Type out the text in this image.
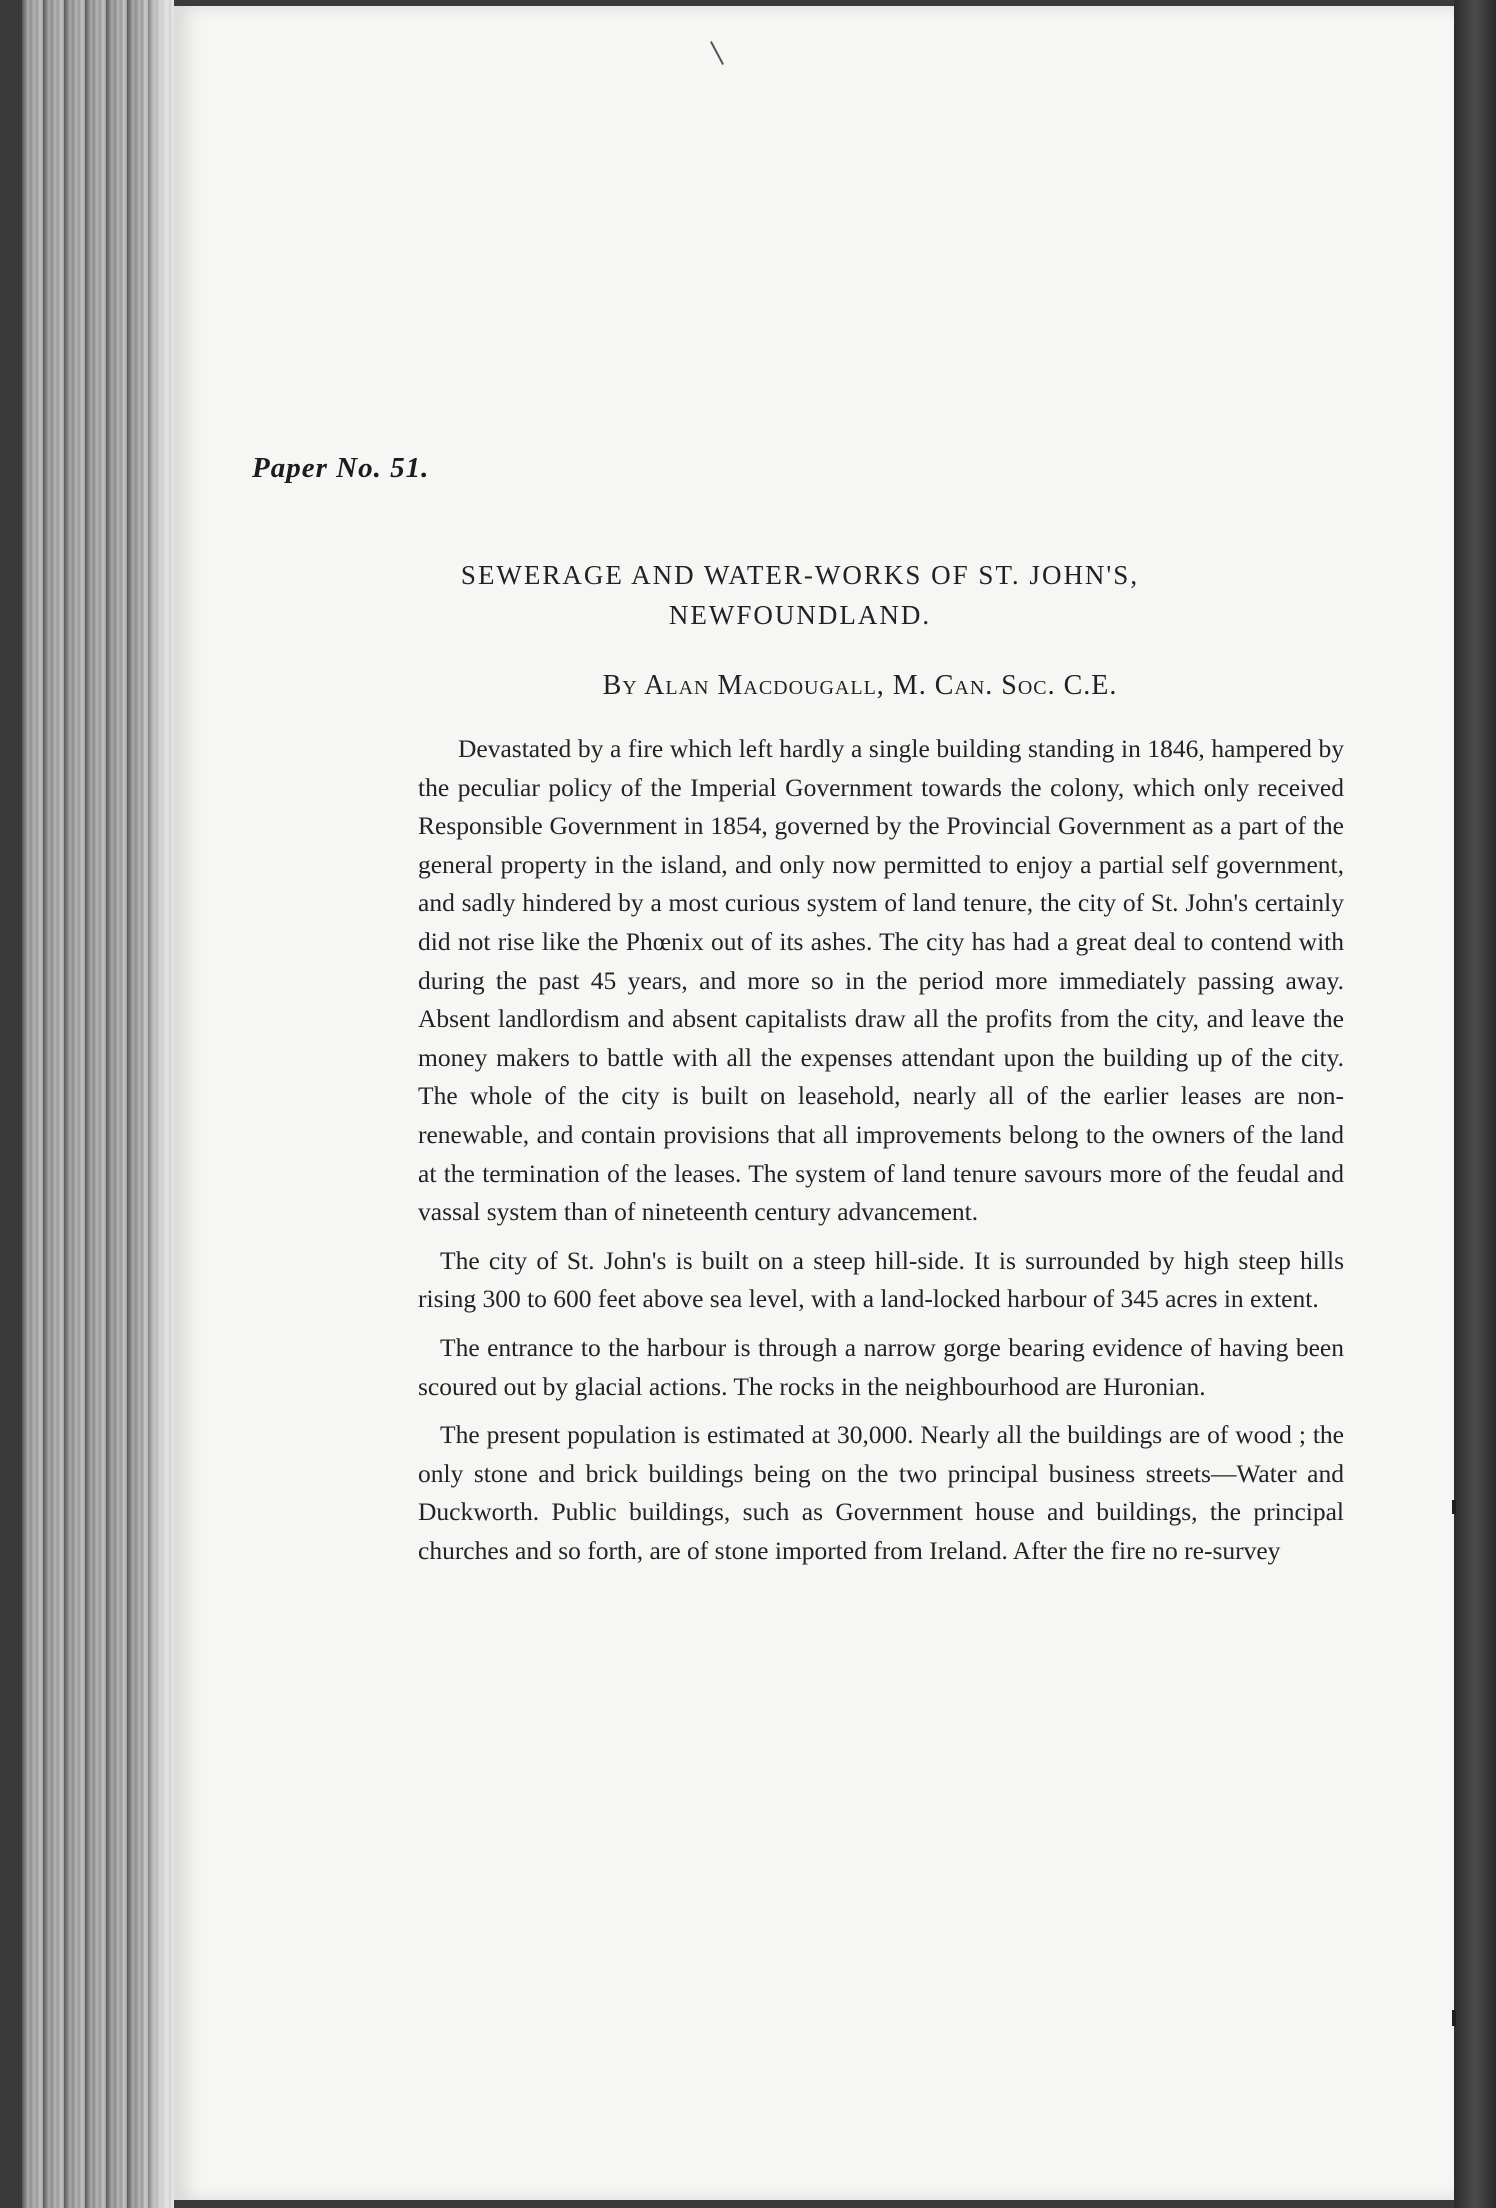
Paper No. 51.
SEWERAGE AND WATER-WORKS OF ST. JOHN'S,
NEWFOUNDLAND.
By Alan Macdougall, M. Can. Soc. C.E.

Devastated by a fire which left hardly a single building standing in 1846, hampered by the peculiar policy of the Imperial Government towards the colony, which only received Responsible Government in 1854, governed by the Provincial Government as a part of the general property in the island, and only now permitted to enjoy a partial self government, and sadly hindered by a most curious system of land tenure, the city of St. John's certainly did not rise like the Phœnix out of its ashes. The city has had a great deal to contend with during the past 45 years, and more so in the period more immediately passing away. Absent landlordism and absent capitalists draw all the profits from the city, and leave the money makers to battle with all the expenses attendant upon the building up of the city. The whole of the city is built on leasehold, nearly all of the earlier leases are non-renewable, and contain provisions that all improvements belong to the owners of the land at the termination of the leases. The system of land tenure savours more of the feudal and vassal system than of nineteenth century advancement.

The city of St. John's is built on a steep hill-side. It is surrounded by high steep hills rising 300 to 600 feet above sea level, with a land-locked harbour of 345 acres in extent.

The entrance to the harbour is through a narrow gorge bearing evidence of having been scoured out by glacial actions. The rocks in the neighbourhood are Huronian.

The present population is estimated at 30,000. Nearly all the buildings are of wood ; the only stone and brick buildings being on the two principal business streets—Water and Duckworth. Public buildings, such as Government house and buildings, the principal churches and so forth, are of stone imported from Ireland. After the fire no re-survey
